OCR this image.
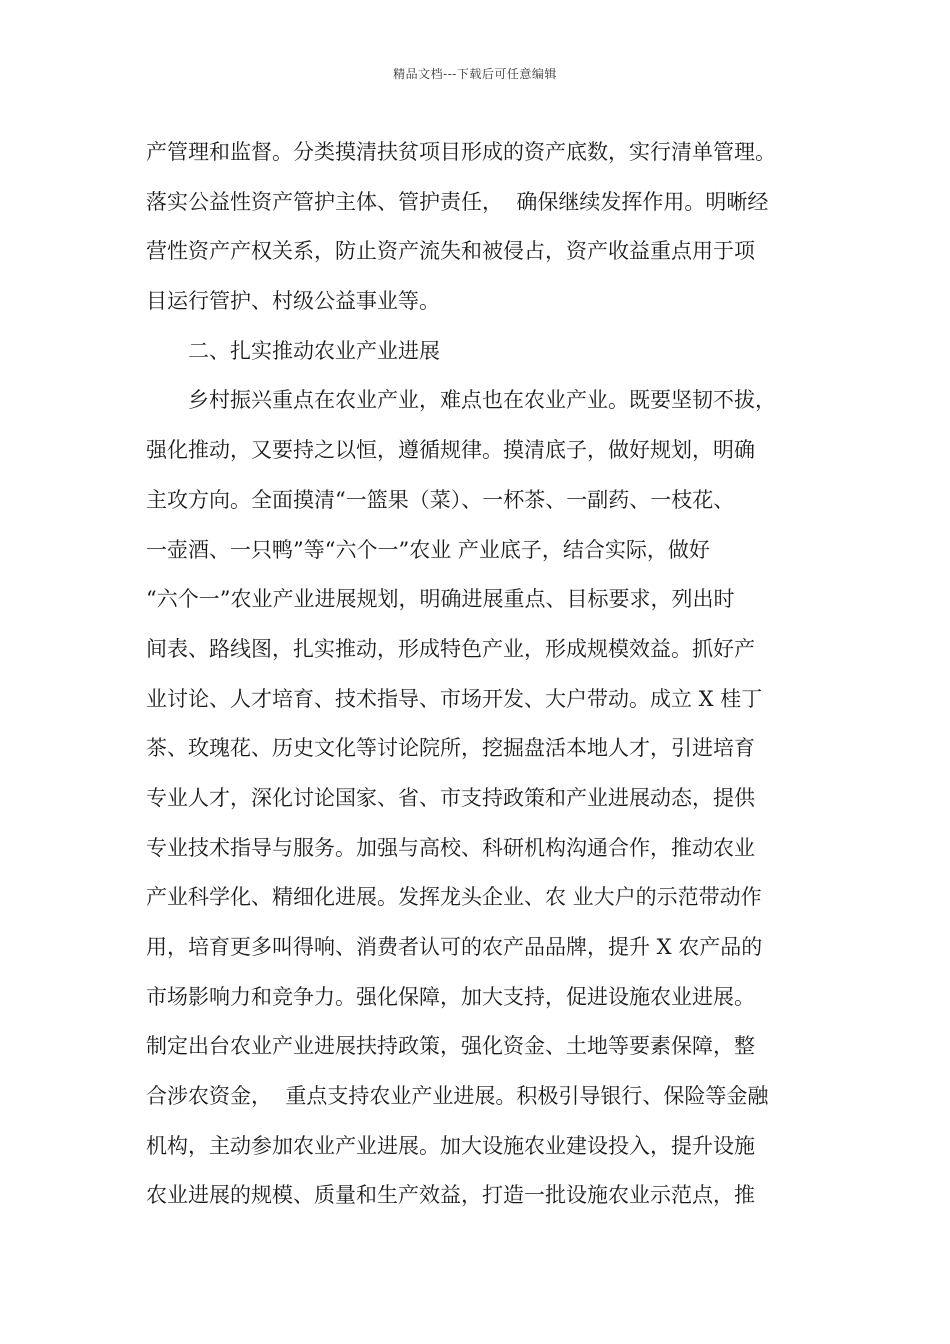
精品文档---下载后可任意编辑
产管理和监督。分类摸清扶贫项目形成的资产底数，实行清单管理。
落实公益性资产管护主体、管护责任，  确保继续发挥作用。明晰经
营性资产产权关系，防止资产流失和被侵占，资产收益重点用于项
目运行管护、村级公益事业等。
二、扎实推动农业产业进展
乡村振兴重点在农业产业，难点也在农业产业。既要坚韧不拔，
强化推动，又要持之以恒，遵循规律。摸清底子，做好规划，明确
主攻方向。全面摸清“一篮果（菜）、一杯茶、一副药、一枝花、
一壶酒、一只鸭”等“六个一”农业 产业底子，结合实际，做好
“六个一”农业产业进展规划，明确进展重点、目标要求，列出时
间表、路线图，扎实推动，形成特色产业，形成规模效益。抓好产
业讨论、人才培育、技术指导、市场开发、大户带动。成立 X 桂丁
茶、玫瑰花、历史文化等讨论院所，挖掘盘活本地人才，引进培育
专业人才，深化讨论国家、省、市支持政策和产业进展动态，提供
专业技术指导与服务。加强与高校、科研机构沟通合作，推动农业
产业科学化、精细化进展。发挥龙头企业、农 业大户的示范带动作
用，培育更多叫得响、消费者认可的农产品品牌，提升 X 农产品的
市场影响力和竞争力。强化保障，加大支持，促进设施农业进展。
制定出台农业产业进展扶持政策，强化资金、土地等要素保障，整
合涉农资金，  重点支持农业产业进展。积极引导银行、保险等金融
机构，主动参加农业产业进展。加大设施农业建设投入，提升设施
农业进展的规模、质量和生产效益，打造一批设施农业示范点，推
